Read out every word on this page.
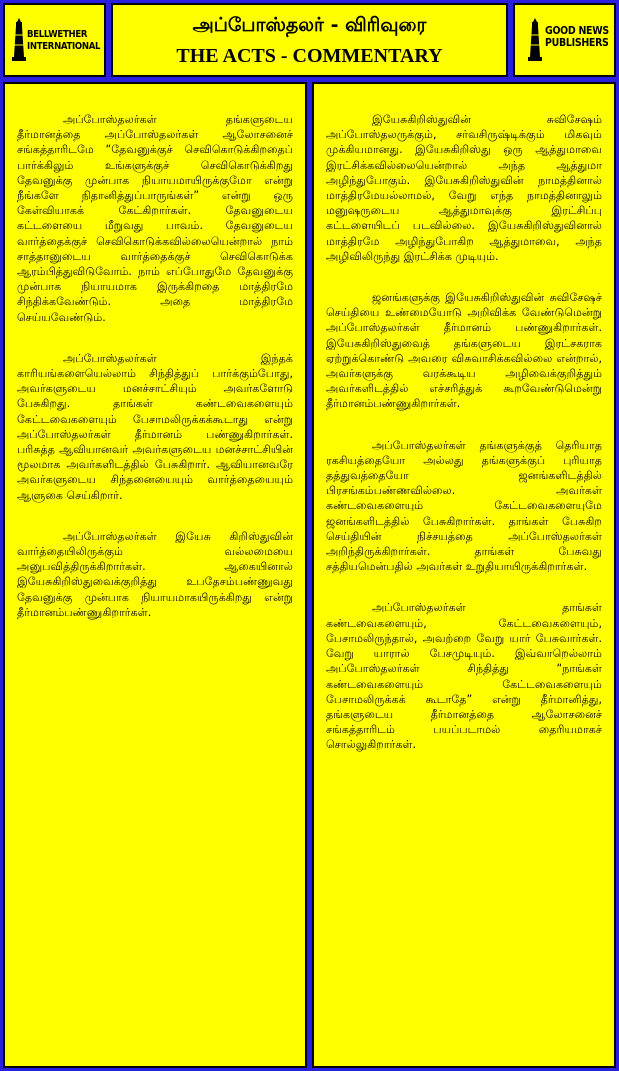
BELLWETHER INTERNATIONAL
அப்போஸ்தலர் - விரிவுரை
THE ACTS - COMMENTARY
GOOD NEWS PUBLISHERS

அப்போஸ்தலர்கள் தங்களுடைய தீர்மானத்தை அப்போஸ்தலர்கள் ஆலோசனைச் சங்கத்தாரிடமே “தேவனுக்குச் செவிகொடுக்கிறதைப் பார்க்கிலும் உங்களுக்குச் செவிகொடுக்கிறது தேவனுக்கு முன்பாக நியாயமாயிருக்குமோ என்று நீங்களே நிதானித்துப்பாருங்கள்” என்று ஒரு கேள்வியாகக் கேட்கிறார்கள். தேவனுடைய கட்டளையை மீறுவது பாவம். தேவனுடைய வார்த்தைக்குச் செவிகொடுக்கவில்லையென்றால் நாம் சாத்தானுடைய வார்த்தைக்குச் செவிகொடுக்க ஆரம்பித்துவிடுவோம். நாம் எப்போதுமே தேவனுக்கு முன்பாக நியாயமாக இருக்கிறதை மாத்திரமே சிந்திக்கவேண்டும். அதை மாத்திரமே செய்யவேண்டும்.

அப்போஸ்தலர்கள் இந்தக் காரியங்களையெல்லாம் சிந்தித்துப் பார்க்கும்போது, அவர்களுடைய மனச்சாட்சியும் அவர்களோடு பேசுகிறது. தாங்கள் கண்டவைகளையும் கேட்டவைகளையும் பேசாமலிருக்கக்கூடாது என்று அப்போஸ்தலர்கள் தீர்மானம் பண்ணுகிறார்கள். பரிசுத்த ஆவியானவர் அவர்களுடைய மனச்சாட்சியின் மூலமாக அவர்களிடத்தில் பேசுகிறார். ஆவியானவரே அவர்களுடைய சிந்தனையையும் வார்த்தையையும் ஆளுகை செய்கிறார்.

அப்போஸ்தலர்கள் இயேசு கிறிஸ்துவின் வார்த்தையிலிருக்கும் வல்லமையை அனுபவித்திருக்கிறார்கள். ஆகையினால் இயேசுகிறிஸ்துவைக்குறித்து உபதேசம்பண்ணுவது தேவனுக்கு முன்பாக நியாயமாகயிருக்கிறது என்று தீர்மானம்பண்ணுகிறார்கள்.

இயேசுகிறிஸ்துவின் சுவிசேஷம் அப்போஸ்தலருக்கும், சர்வசிருஷ்டிக்கும் மிகவும் முக்கியமானது. இயேசுகிறிஸ்து ஒரு ஆத்துமாவை இரட்சிக்கவில்லையென்றால் அந்த ஆத்துமா அழிந்துபோகும். இயேசுகிறிஸ்துவின் நாமத்தினால் மாத்திரமேயல்லாமல், வேறு எந்த நாமத்தினாலும் மனுஷருடைய ஆத்துமாவுக்கு இரட்சிப்பு கட்டளையிடப் படவில்லை. இயேசுகிறிஸ்துவினால் மாத்திரமே அழிந்துபோகிற ஆத்துமாவை, அந்த அழிவிலிருந்து இரட்சிக்க முடியும்.

ஜனங்களுக்கு இயேசுகிறிஸ்துவின் சுவிசேஷச் செய்தியை உண்மையோடு அறிவிக்க வேண்டுமென்று அப்போஸ்தலர்கள் தீர்மானம் பண்ணுகிறார்கள். இயேசுகிறிஸ்துவைத் தங்களுடைய இரட்சகராக ஏற்றுக்கொண்டு அவரை விசுவாசிக்கவில்லை என்றால், அவர்களுக்கு வரக்கூடிய அழிவைக்குறித்தும் அவர்களிடத்தில் எச்சரித்துக் கூறவேண்டுமென்று தீர்மானம்பண்ணுகிறார்கள்.

அப்போஸ்தலர்கள் தங்களுக்குத் தெரியாத ரகசியத்தையோ அல்லது தங்களுக்குப் புரியாத தத்துவத்தையோ ஜனங்களிடத்தில் பிரசங்கம்பண்ணவில்லை. அவர்கள் கண்டவைகளையும் கேட்டவைகளையுமே ஜனங்களிடத்தில் பேசுகிறார்கள். தாங்கள் பேசுகிற செய்தியின் நிச்சயத்தை அப்போஸ்தலர்கள் அறிந்திருக்கிறார்கள். தாங்கள் பேசுவது சத்தியமென்பதில் அவர்கள் உறுதியாயிருக்கிறார்கள்.

அப்போஸ்தலர்கள் தாங்கள் கண்டவைகளையும், கேட்டவைகளையும், பேசாமலிருந்தால், அவற்றை வேறு யார் பேசுவார்கள். வேறு யாரால் பேசமுடியும். இவ்வாறெல்லாம் அப்போஸ்தலர்கள் சிந்தித்து “நாங்கள் கண்டவைகளையும் கேட்டவைகளையும் பேசாமலிருக்கக் கூடாதே” என்று தீர்மானித்து, தங்களுடைய தீர்மானத்தை ஆலோசனைச் சங்கத்தாரிடம் பயப்படாமல் தைரியமாகச் சொல்லுகிறார்கள்.
